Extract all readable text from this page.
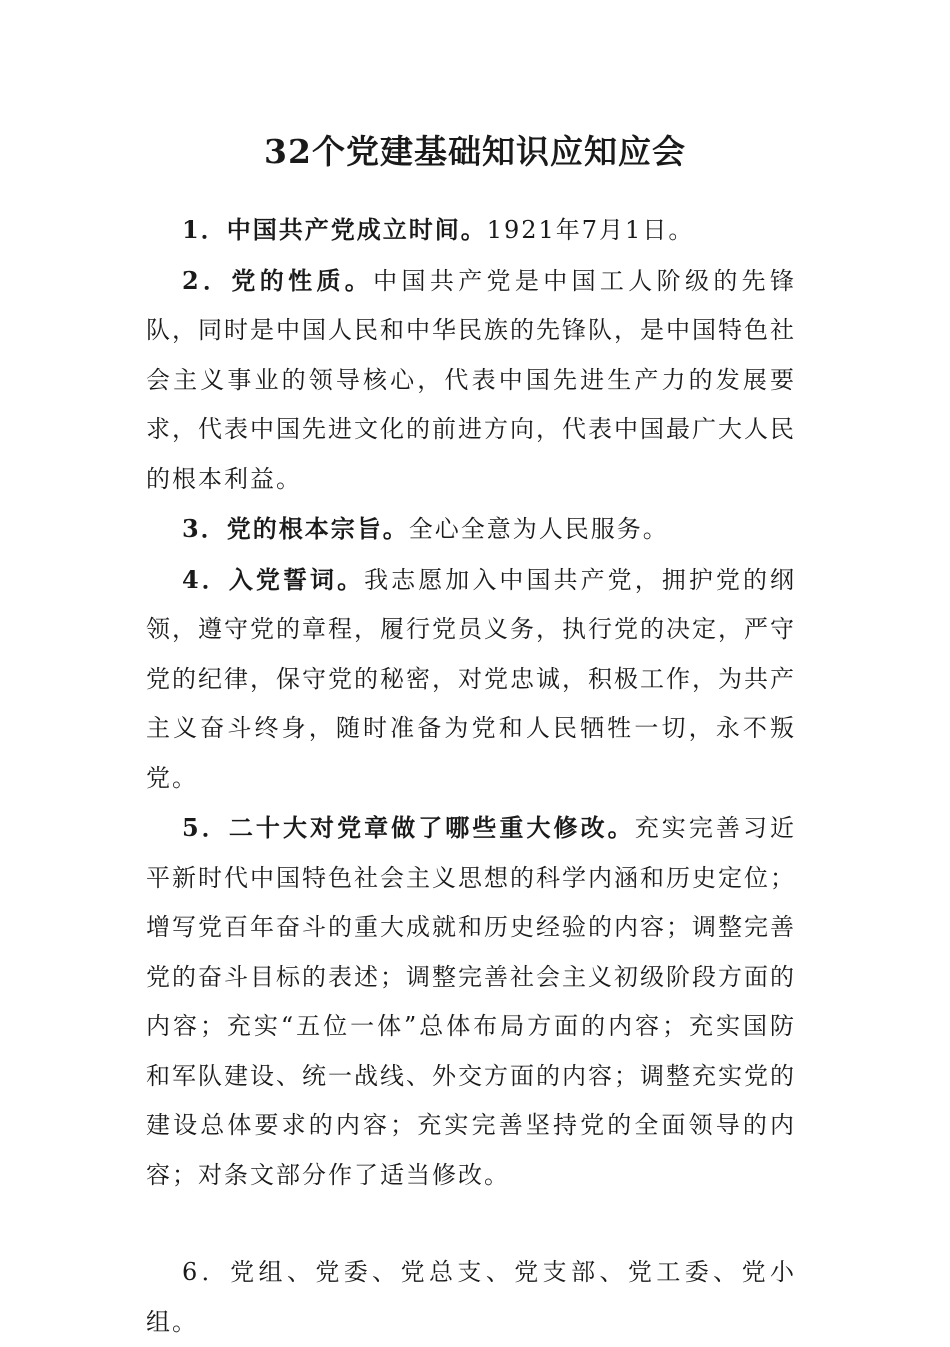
32个党建基础知识应知应会

1．中国共产党成立时间。1921年7月1日。

2．党的性质。中国共产党是中国工人阶级的先锋队，同时是中国人民和中华民族的先锋队，是中国特色社会主义事业的领导核心，代表中国先进生产力的发展要求，代表中国先进文化的前进方向，代表中国最广大人民的根本利益。

3．党的根本宗旨。全心全意为人民服务。

4．入党誓词。我志愿加入中国共产党，拥护党的纲领，遵守党的章程，履行党员义务，执行党的决定，严守党的纪律，保守党的秘密，对党忠诚，积极工作，为共产主义奋斗终身，随时准备为党和人民牺牲一切，永不叛党。

5．二十大对党章做了哪些重大修改。充实完善习近平新时代中国特色社会主义思想的科学内涵和历史定位；增写党百年奋斗的重大成就和历史经验的内容；调整完善党的奋斗目标的表述；调整完善社会主义初级阶段方面的内容；充实“五位一体”总体布局方面的内容；充实国防和军队建设、统一战线、外交方面的内容；调整充实党的建设总体要求的内容；充实完善坚持党的全面领导的内容；对条文部分作了适当修改。

6．党组、党委、党总支、党支部、党工委、党小组。
